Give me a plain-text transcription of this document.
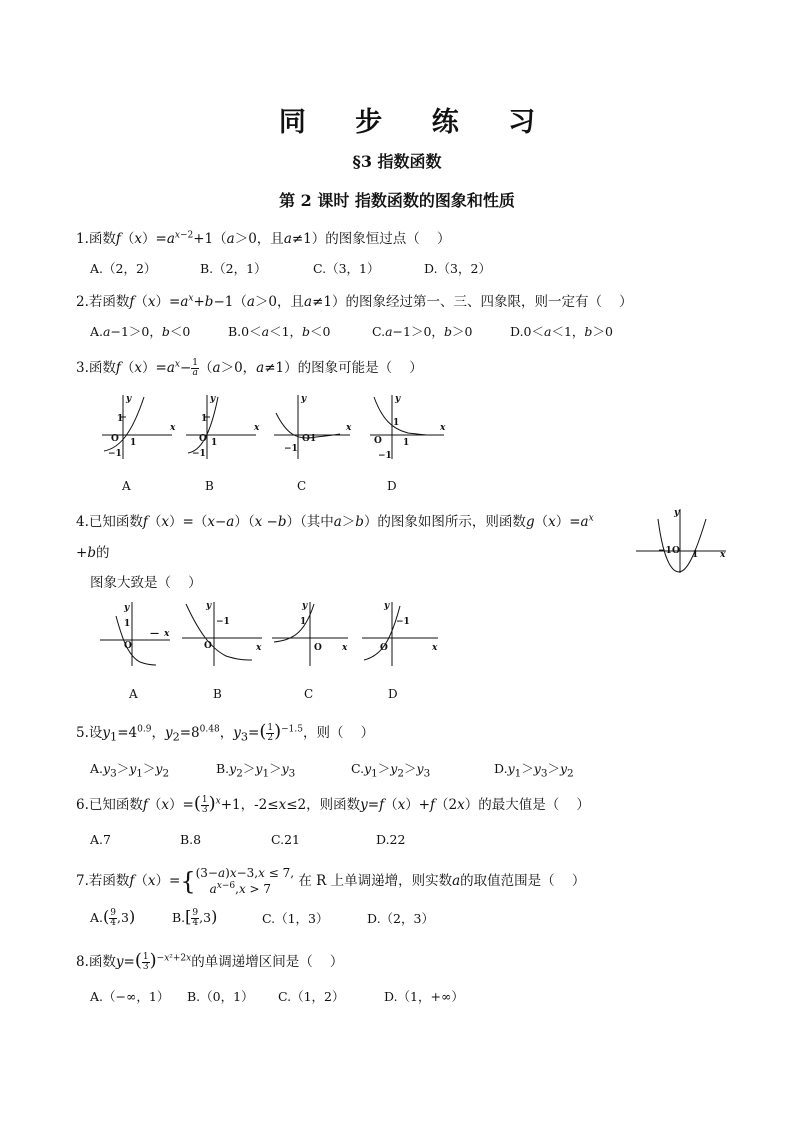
同 步 练 习
§3 指数函数
第 2 课时 指数函数的图象和性质
1.函数$f(x)=a^{x-2}+1(a>0$，且a≠1）的图象恒过点（    ）
A.（2，2）	B.（2，1）	C.（3，1）	D.（3，2）
2.若函数$f(x)=a^x+b-1(a>0$，且a≠1）的图象经过第一、三、四象限，则一定有（    ）
A.a−1＞0，b＜0	B.0＜a＜1，b＜0	C.a−1＞0，b＞0	D.0＜a＜1，b＞0
3.函数$f(x)=a^x- \frac{1}{a} (a>0$，a≠1）的图象可能是（    ）
y
x
1
O 1
−1
y
x
1
O 1
−1
y
x
O 1
−1
y
x
1
O 1
−1
A	B	C	D
4.已知函数f（x）=（x−a）（x −b）（其中a＞b）的图象如图所示，则函数$g(x)=a^x$
+b的
图象大致是（    ）
y
x
−1 O 1
y
x
1
O
—
y
x
−1
O
y
x
1
O
y
x
−1
O
A	B	C	D
5.设$y_1=4^{0.9}$，$y_2=8^{0.48}$，$y_3=( \frac{1}{2} )^{-1.5}$，则（    ）
$A.y_3>y_1>y_2$	$B.y_2>y_1>y_3$	$C.y_1>y_2>y_3$	$D.y_1>y_3>y_2$
6.已知函数$f(x)=( \frac{1}{3} )^x+1$，-2≤x≤2，则函数y=f（x）+f（2x）的最大值是（    ）
A.7	B.8	C.21	D.22
7.若函数f（x）={ (3−a)x−3,x ≤ 7,
$a^{x-6},x > 7$	在 R 上单调递增，则实数a的取值范围是（    ）
$A.( \frac{9}{4} ,3)$	$B.[ \frac{9}{4} ,3)$	C.（1，3）	D.（2，3）
8.函数$y=( \frac{1}{3} )^{-x^2+2x}$的单调递增区间是（    ）
A.（−∞，1） B.（0，1） C.（1，2）	D.（1，+∞）
